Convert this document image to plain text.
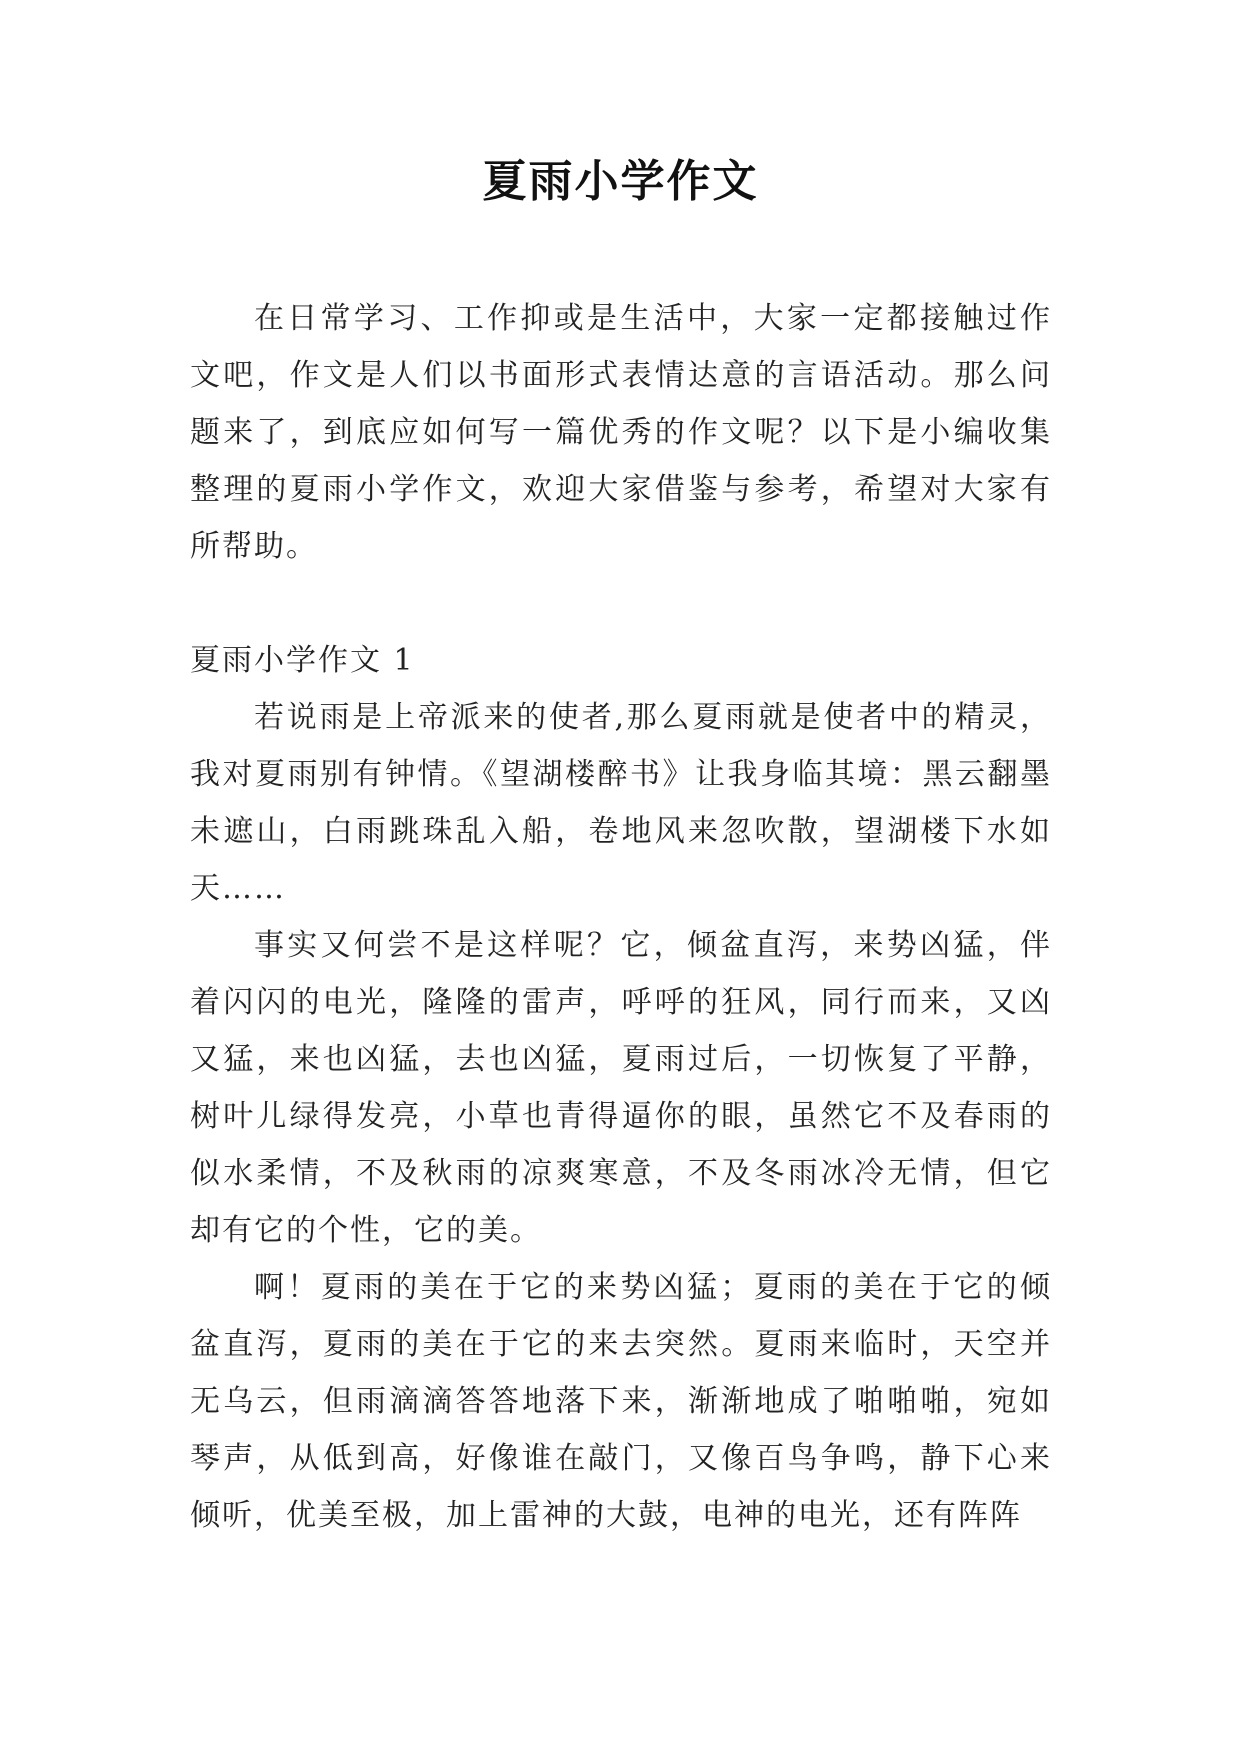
夏雨小学作文

在日常学习、工作抑或是生活中，大家一定都接触过作文吧，作文是人们以书面形式表情达意的言语活动。那么问题来了，到底应如何写一篇优秀的作文呢？以下是小编收集整理的夏雨小学作文，欢迎大家借鉴与参考，希望对大家有所帮助。

夏雨小学作文 1

若说雨是上帝派来的使者,那么夏雨就是使者中的精灵，我对夏雨别有钟情。《望湖楼醉书》让我身临其境：黑云翻墨未遮山，白雨跳珠乱入船，卷地风来忽吹散，望湖楼下水如天……

事实又何尝不是这样呢？它，倾盆直泻，来势凶猛，伴着闪闪的电光，隆隆的雷声，呼呼的狂风，同行而来，又凶又猛，来也凶猛，去也凶猛，夏雨过后，一切恢复了平静，树叶儿绿得发亮，小草也青得逼你的眼，虽然它不及春雨的似水柔情，不及秋雨的凉爽寒意，不及冬雨冰冷无情，但它却有它的个性，它的美。

啊！夏雨的美在于它的来势凶猛；夏雨的美在于它的倾盆直泻，夏雨的美在于它的来去突然。夏雨来临时，天空并无乌云，但雨滴滴答答地落下来，渐渐地成了啪啪啪，宛如琴声，从低到高，好像谁在敲门，又像百鸟争鸣，静下心来倾听，优美至极，加上雷神的大鼓，电神的电光，还有阵阵
